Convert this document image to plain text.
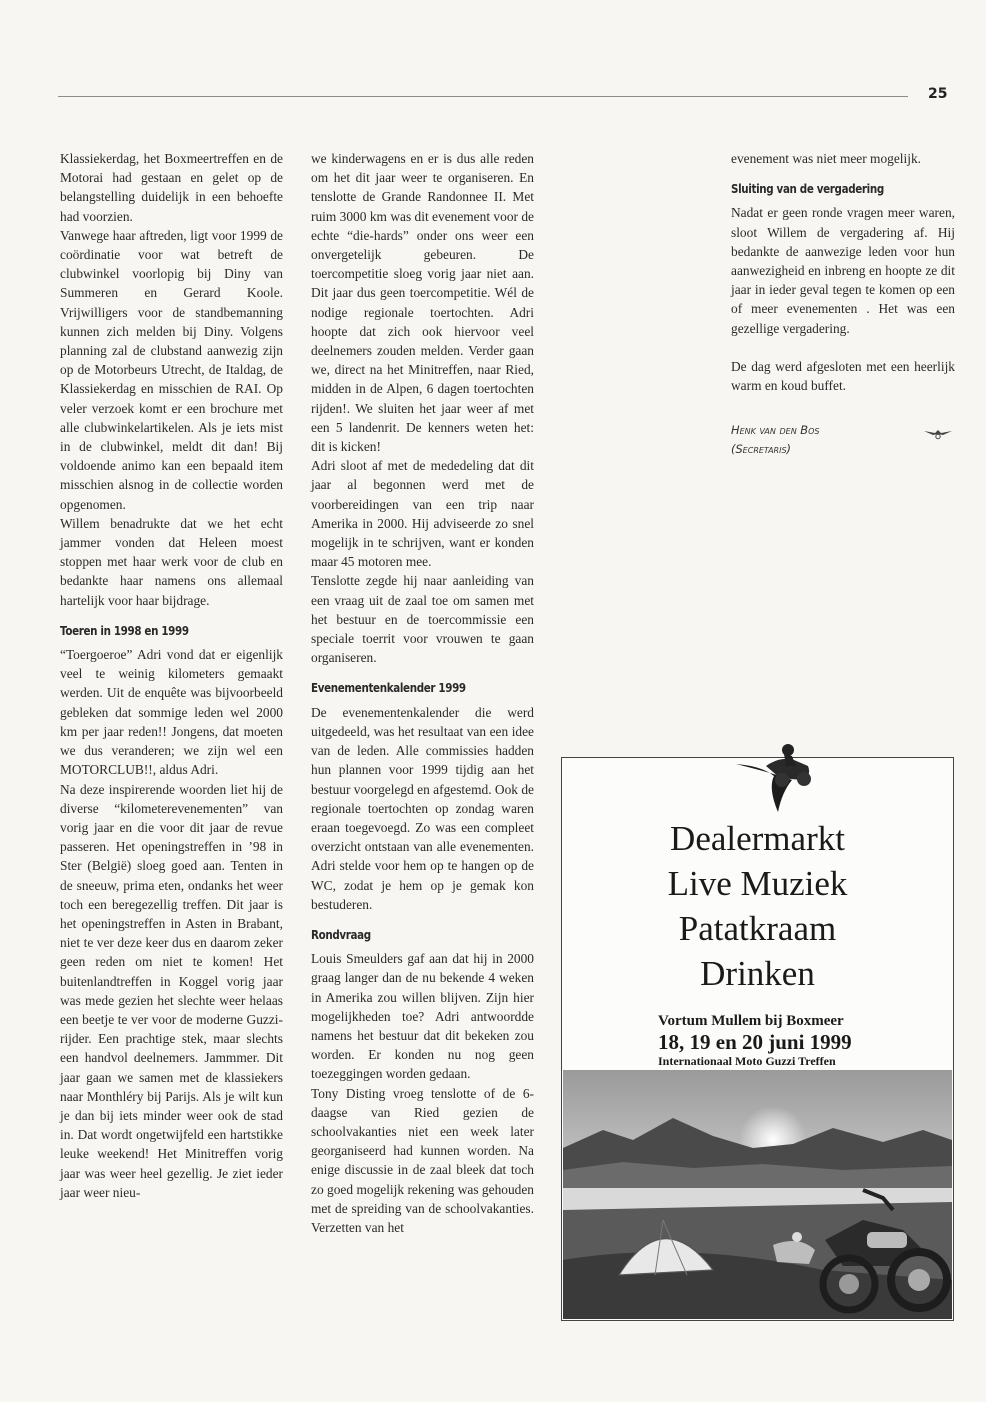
25

Klassiekerdag, het Boxmeertreffen en de Motorai had gestaan en gelet op de belangstelling duidelijk in een behoefte had voorzien.

Vanwege haar aftreden, ligt voor 1999 de coördinatie voor wat betreft de clubwinkel voorlopig bij Diny van Summeren en Gerard Koole. Vrijwilligers voor de standbemanning kunnen zich melden bij Diny. Volgens planning zal de clubstand aanwezig zijn op de Motorbeurs Utrecht, de Italdag, de Klassiekerdag en misschien de RAI. Op veler verzoek komt er een brochure met alle clubwinkelartikelen. Als je iets mist in de clubwinkel, meldt dit dan! Bij voldoende animo kan een bepaald item misschien alsnog in de collectie worden opgenomen.

Willem benadrukte dat we het echt jammer vonden dat Heleen moest stoppen met haar werk voor de club en bedankte haar namens ons allemaal hartelijk voor haar bijdrage.

Toeren in 1998 en 1999

“Toergoeroe” Adri vond dat er eigenlijk veel te weinig kilometers gemaakt werden. Uit de enquête was bijvoorbeeld gebleken dat sommige leden wel 2000 km per jaar reden!! Jongens, dat moeten we dus veranderen; we zijn wel een MOTORCLUB!!, aldus Adri.

Na deze inspirerende woorden liet hij de diverse “kilometerevenementen” van vorig jaar en die voor dit jaar de revue passeren. Het openingstreffen in ’98 in Ster (België) sloeg goed aan. Tenten in de sneeuw, prima eten, ondanks het weer toch een beregezellig treffen. Dit jaar is het openingstreffen in Asten in Brabant, niet te ver deze keer dus en daarom zeker geen reden om niet te komen! Het buitenlandtreffen in Koggel vorig jaar was mede gezien het slechte weer helaas een beetje te ver voor de moderne Guzzi-rijder. Een prachtige stek, maar slechts een handvol deelnemers. Jammmer. Dit jaar gaan we samen met de klassiekers naar Monthléry bij Parijs. Als je wilt kun je dan bij iets minder weer ook de stad in. Dat wordt ongetwijfeld een hartstikke leuke weekend! Het Minitreffen vorig jaar was weer heel gezellig. Je ziet ieder jaar weer nieu-

we kinderwagens en er is dus alle reden om het dit jaar weer te organiseren. En tenslotte de Grande Randonnee II. Met ruim 3000 km was dit evenement voor de echte “die-hards” onder ons weer een onvergetelijk gebeuren. De toercompetitie sloeg vorig jaar niet aan. Dit jaar dus geen toercompetitie. Wél de nodige regionale toertochten. Adri hoopte dat zich ook hiervoor veel deelnemers zouden melden. Verder gaan we, direct na het Minitreffen, naar Ried, midden in de Alpen, 6 dagen toertochten rijden!. We sluiten het jaar weer af met een 5 landenrit. De kenners weten het: dit is kicken!

Adri sloot af met de mededeling dat dit jaar al begonnen werd met de voorbereidingen van een trip naar Amerika in 2000. Hij adviseerde zo snel mogelijk in te schrijven, want er konden maar 45 motoren mee.

Tenslotte zegde hij naar aanleiding van een vraag uit de zaal toe om samen met het bestuur en de toercommissie een speciale toerrit voor vrouwen te gaan organiseren.

Evenementenkalender 1999

De evenementenkalender die werd uitgedeeld, was het resultaat van een idee van de leden. Alle commissies hadden hun plannen voor 1999 tijdig aan het bestuur voorgelegd en afgestemd. Ook de regionale toertochten op zondag waren eraan toegevoegd. Zo was een compleet overzicht ontstaan van alle evenementen. Adri stelde voor hem op te hangen op de WC, zodat je hem op je gemak kon bestuderen.

Rondvraag

Louis Smeulders gaf aan dat hij in 2000 graag langer dan de nu bekende 4 weken in Amerika zou willen blijven. Zijn hier mogelijkheden toe? Adri antwoordde namens het bestuur dat dit bekeken zou worden. Er konden nu nog geen toezeggingen worden gedaan.

Tony Disting vroeg tenslotte of de 6-daagse van Ried gezien de schoolvakanties niet een week later georganiseerd had kunnen worden. Na enige discussie in de zaal bleek dat toch zo goed mogelijk rekening was gehouden met de spreiding van de schoolvakanties. Verzetten van het

evenement was niet meer mogelijk.

Sluiting van de vergadering

Nadat er geen ronde vragen meer waren, sloot Willem de vergadering af. Hij bedankte de aanwezige leden voor hun aanwezigheid en inbreng en hoopte ze dit jaar in ieder geval tegen te komen op een of meer evenementen . Het was een gezellige vergadering.

De dag werd afgesloten met een heerlijk warm en koud buffet.

Henk van den Bos
(Secretaris)
Dealermarkt
Live Muziek
Patatkraam
Drinken
Vortum Mullem bij Boxmeer
18, 19 en 20 juni 1999
Internationaal Moto Guzzi Treffen
